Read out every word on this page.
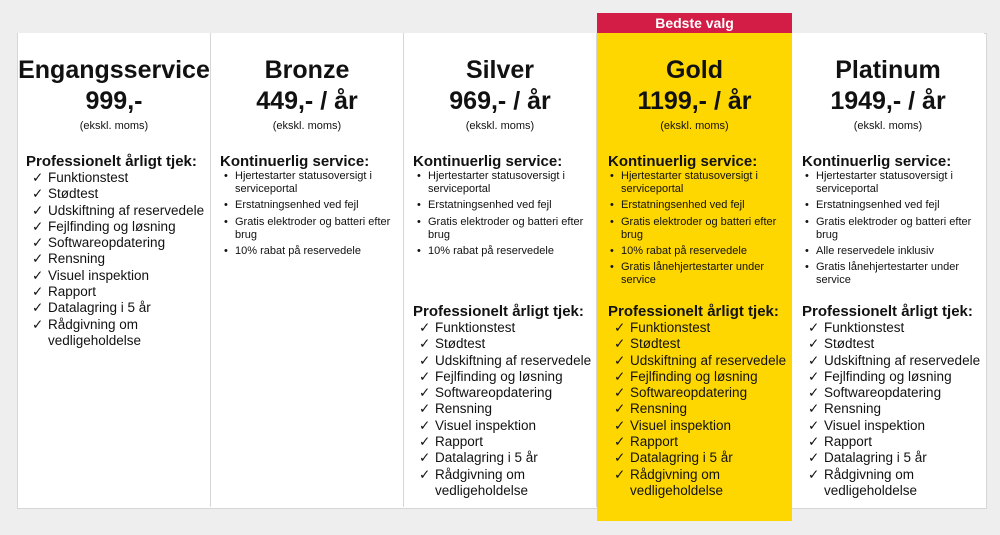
Engangsservice
999,-
(ekskl. moms)
Professionelt årligt tjek:
✓ Funktionstest
✓ Stødtest
✓ Udskiftning af reservedele
✓ Fejlfinding og løsning
✓ Softwareopdatering
✓ Rensning
✓ Visuel inspektion
✓ Rapport
✓ Datalagring i 5 år
✓ Rådgivning om vedligeholdelse
Bronze
449,- / år
(ekskl. moms)
Kontinuerlig service:
• Hjertestarter statusoversigt i serviceportal
• Erstatningsenhed ved fejl
• Gratis elektroder og batteri efter brug
• 10% rabat på reservedele
Silver
969,- / år
(ekskl. moms)
Kontinuerlig service:
• Hjertestarter statusoversigt i serviceportal
• Erstatningsenhed ved fejl
• Gratis elektroder og batteri efter brug
• 10% rabat på reservedele
Professionelt årligt tjek:
✓ Funktionstest
✓ Stødtest
✓ Udskiftning af reservedele
✓ Fejlfinding og løsning
✓ Softwareopdatering
✓ Rensning
✓ Visuel inspektion
✓ Rapport
✓ Datalagring i 5 år
✓ Rådgivning om vedligeholdelse
Bedste valg
Gold
1199,- / år
(ekskl. moms)
Kontinuerlig service:
• Hjertestarter statusoversigt i serviceportal
• Erstatningsenhed ved fejl
• Gratis elektroder og batteri efter brug
• 10% rabat på reservedele
• Gratis lånehjertestarter under service
Professionelt årligt tjek:
✓ Funktionstest
✓ Stødtest
✓ Udskiftning af reservedele
✓ Fejlfinding og løsning
✓ Softwareopdatering
✓ Rensning
✓ Visuel inspektion
✓ Rapport
✓ Datalagring i 5 år
✓ Rådgivning om vedligeholdelse
Platinum
1949,- / år
(ekskl. moms)
Kontinuerlig service:
• Hjertestarter statusoversigt i serviceportal
• Erstatningsenhed ved fejl
• Gratis elektroder og batteri efter brug
• Alle reservedele inklusiv
• Gratis lånehjertestarter under service
Professionelt årligt tjek:
✓ Funktionstest
✓ Stødtest
✓ Udskiftning af reservedele
✓ Fejlfinding og løsning
✓ Softwareopdatering
✓ Rensning
✓ Visuel inspektion
✓ Rapport
✓ Datalagring i 5 år
✓ Rådgivning om vedligeholdelse
